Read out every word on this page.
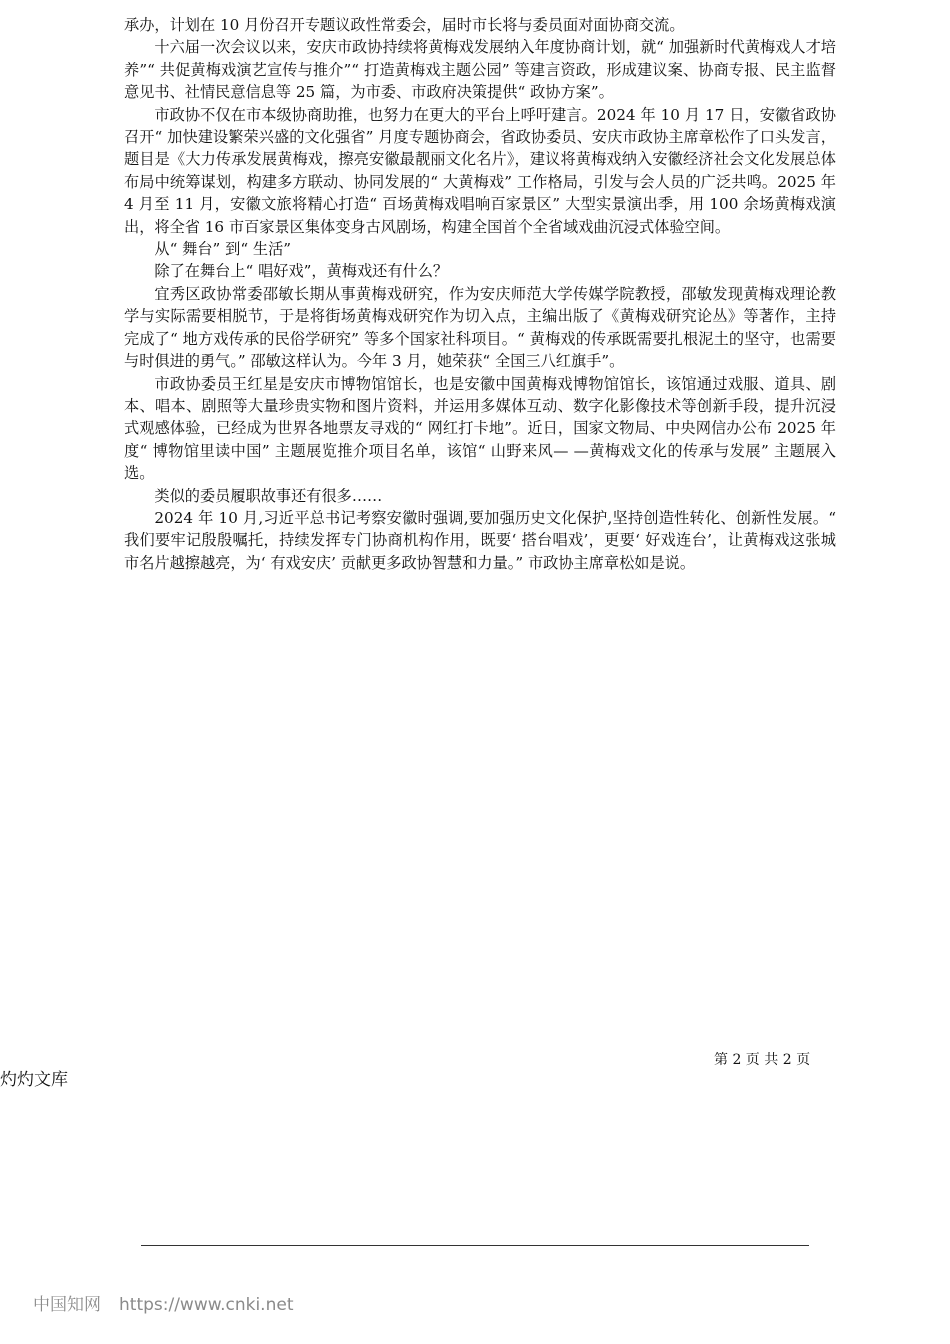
承办，计划在 10 月份召开专题议政性常委会，届时市长将与委员面对面协商交流。

十六届一次会议以来，安庆市政协持续将黄梅戏发展纳入年度协商计划，就“ 加强新时代黄梅戏人才培养”“ 共促黄梅戏演艺宣传与推介”“ 打造黄梅戏主题公园” 等建言资政，形成建议案、协商专报、民主监督意见书、社情民意信息等 25 篇，为市委、市政府决策提供“ 政协方案”。

市政协不仅在市本级协商助推，也努力在更大的平台上呼吁建言。2024 年 10 月 17 日，安徽省政协召开“ 加快建设繁荣兴盛的文化强省” 月度专题协商会，省政协委员、安庆市政协主席章松作了口头发言，题目是《大力传承发展黄梅戏，擦亮安徽最靓丽文化名片》，建议将黄梅戏纳入安徽经济社会文化发展总体布局中统筹谋划，构建多方联动、协同发展的“ 大黄梅戏” 工作格局，引发与会人员的广泛共鸣。2025 年 4 月至 11 月，安徽文旅将精心打造“ 百场黄梅戏唱响百家景区” 大型实景演出季，用 100 余场黄梅戏演出，将全省 16 市百家景区集体变身古风剧场，构建全国首个全省域戏曲沉浸式体验空间。

从“ 舞台” 到“ 生活”

除了在舞台上“ 唱好戏”，黄梅戏还有什么？

宜秀区政协常委邵敏长期从事黄梅戏研究，作为安庆师范大学传媒学院教授，邵敏发现黄梅戏理论教学与实际需要相脱节，于是将街场黄梅戏研究作为切入点，主编出版了《黄梅戏研究论丛》等著作，主持完成了“ 地方戏传承的民俗学研究” 等多个国家社科项目。“ 黄梅戏的传承既需要扎根泥土的坚守，也需要与时俱进的勇气。” 邵敏这样认为。今年 3 月，她荣获“ 全国三八红旗手”。

市政协委员王红星是安庆市博物馆馆长，也是安徽中国黄梅戏博物馆馆长，该馆通过戏服、道具、剧本、唱本、剧照等大量珍贵实物和图片资料，并运用多媒体互动、数字化影像技术等创新手段，提升沉浸式观感体验，已经成为世界各地票友寻戏的“ 网红打卡地”。近日，国家文物局、中央网信办公布 2025 年度“ 博物馆里读中国” 主题展览推介项目名单，该馆“ 山野来风— —黄梅戏文化的传承与发展” 主题展入选。

类似的委员履职故事还有很多……

2024 年 10 月,习近平总书记考察安徽时强调,要加强历史文化保护,坚持创造性转化、创新性发展。“ 我们要牢记殷殷嘱托，持续发挥专门协商机构作用，既要‘ 搭台唱戏’，更要‘ 好戏连台’，让黄梅戏这张城市名片越擦越亮，为‘ 有戏安庆’ 贡献更多政协智慧和力量。” 市政协主席章松如是说。

第 2 页 共 2 页
灼灼文库
中国知网 https://www.cnki.net
